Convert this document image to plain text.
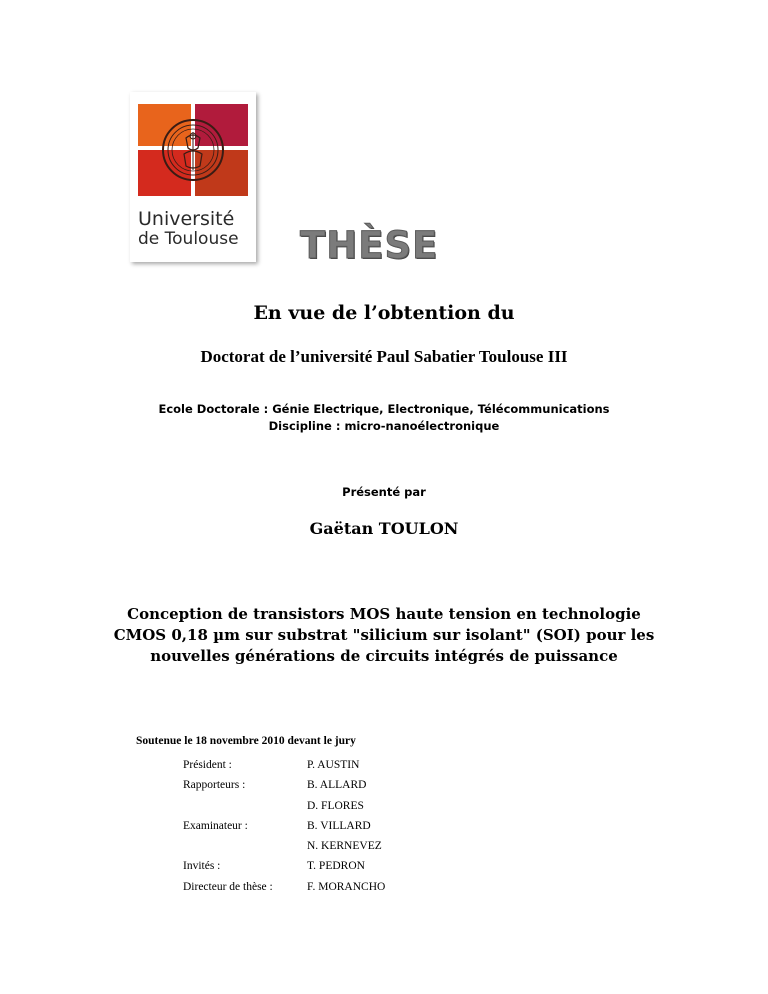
Université
de Toulouse THÈSE
En vue de l’obtention du
Doctorat de l’université Paul Sabatier Toulouse III
Ecole Doctorale : Génie Electrique, Electronique, Télécommunications
Discipline : micro-nanoélectronique
Présenté par
Gaëtan TOULON
Conception de transistors MOS haute tension en technologie
CMOS 0,18 µm sur substrat "silicium sur isolant" (SOI) pour les
nouvelles générations de circuits intégrés de puissance
Soutenue le 18 novembre 2010 devant le jury
Président :	P. AUSTIN
Rapporteurs :	B. ALLARD
D. FLORES
Examinateur :	B. VILLARD
N. KERNEVEZ
Invités :	T. PEDRON
Directeur de thèse :	F. MORANCHO
